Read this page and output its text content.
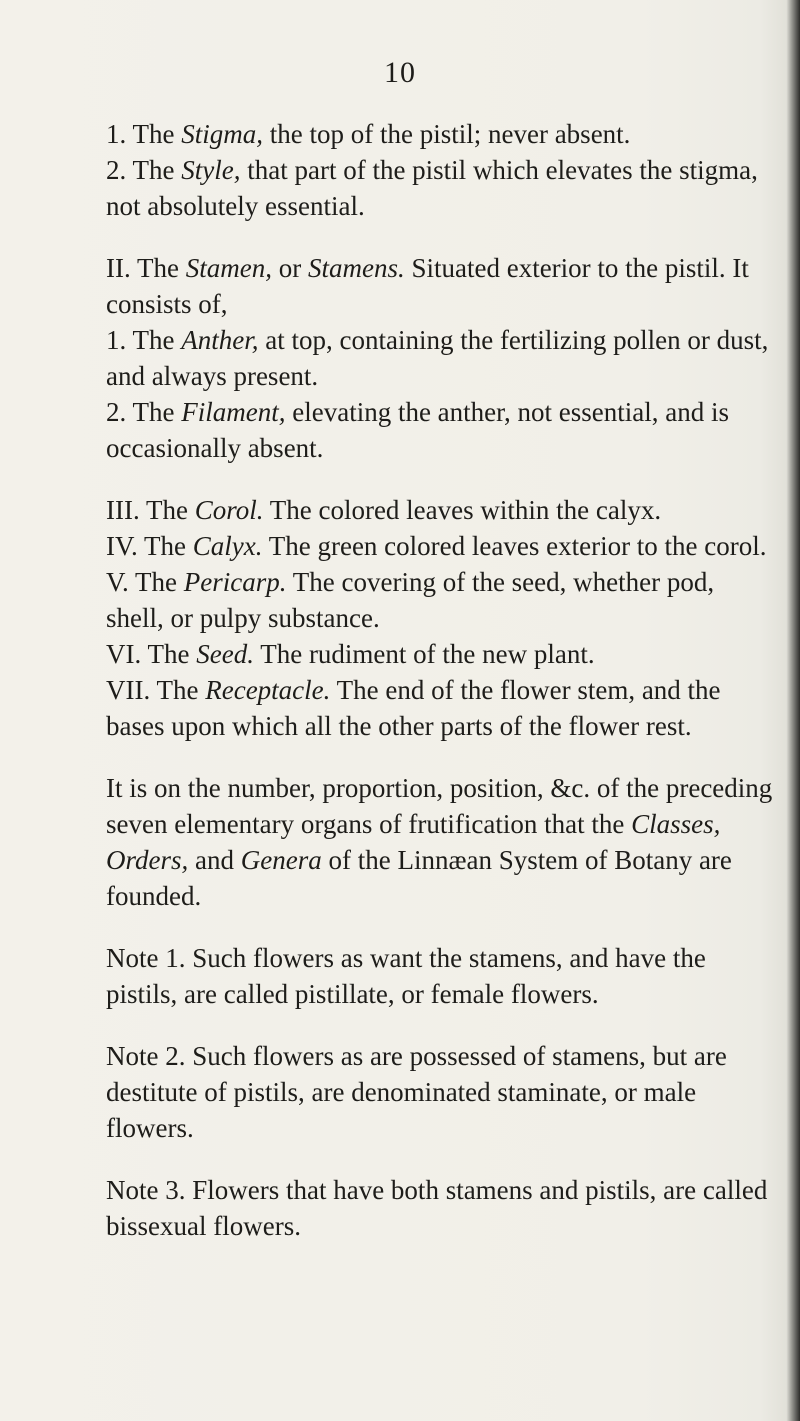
10

1. The Stigma, the top of the pistil; never absent.

2. The Style, that part of the pistil which elevates the stigma, not absolutely essential.

II. The Stamen, or Stamens. Situated exterior to the pistil. It consists of,

1. The Anther, at top, containing the fertilizing pollen or dust, and always present.

2. The Filament, elevating the anther, not essential, and is occasionally absent.

III. The Corol. The colored leaves within the calyx.

IV. The Calyx. The green colored leaves exterior to the corol.

V. The Pericarp. The covering of the seed, whether pod, shell, or pulpy substance.

VI. The Seed. The rudiment of the new plant.

VII. The Receptacle. The end of the flower stem, and the bases upon which all the other parts of the flower rest.

It is on the number, proportion, position, &c. of the preceding seven elementary organs of frutification that the Classes, Orders, and Genera of the Linnæan System of Botany are founded.

Note 1. Such flowers as want the stamens, and have the pistils, are called pistillate, or female flowers.

Note 2. Such flowers as are possessed of stamens, but are destitute of pistils, are denominated staminate, or male flowers.

Note 3. Flowers that have both stamens and pistils, are called bissexual flowers.
